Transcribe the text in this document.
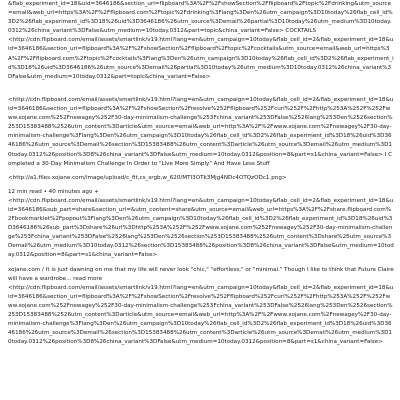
&flab_experiment_id=18&uid=3646186&section_url=flipboard%3A%2F%2FshowSection%2Fflipboard%2Ftopic%2Fdrinking&utm_source=email&web_url=https%3A%2F%2Fflipboard.com%2Ftopic%2Fdrinking%3Flang%3Den%26utm_campaign%3D10today%26flab_cell_id%3D2%26flab_experiment_id%3D18%26uid%3D3646186%26utm_source%3Demail%26partial%3D10today%26utm_medium%3D10today.0312%26china_variant%3DFalse&utm_medium=10today.0312&part=topic&china_variant=False> COCKTAILS

<http://cdn.flipboard.com/email/assets/smartlink/v19.html?lang=en&utm_campaign=10today&flab_cell_id=2&flab_experiment_id=18&uid=3646186&section_url=flipboard%3A%2F%2FshowSection%2Fflipboard%2Ftopic%2Fcocktails&utm_source=email&web_url=https%3A%2F%2Fflipboard.com%2Ftopic%2Fcocktails%3Flang%3Den%26utm_campaign%3D10today%26flab_cell_id%3D2%26flab_experiment_id%3D18%26uid%3D3646186%26utm_source%3Demail%26partial%3D10today%26utm_medium%3D10today.0312%26china_variant%3DFalse&utm_medium=10today.0312&part=topic&china_variant=False>

<http://cdn.flipboard.com/email/assets/smartlink/v19.html?lang=en&utm_campaign=10today&flab_cell_id=2&flab_experiment_id=18&uid=3646186&section_url=flipboard%3A%2F%2FshowSection%2Fresolve%252Fflipboard%252Fcurl%252F%2Fhttp%253A%252F%252Fwww.xojane.com%252Fnewagey%252F30-day-minimalism-challenge%253Fchina_variant%253DFalse%2526lang%253Den%2526section%253D15383488%2526utm_content%3Darticle&utm_source=email&web_url=http%3A%2F%2Fwww.xojane.com%2Fnewagey%2F30-day-minimalism-challenge%3Flang%3Den%26utm_campaign%3D10today%26flab_cell_id%3D2%26flab_experiment_id%3D18%26uid%3D3646186%26utm_source%3Demail%26section%3D15383488%26utm_content%3Darticle%26utm_source%3Demail%26utm_medium%3D10today.0312%26position%3D8%26china_variant%3DFalse&utm_medium=10today.0312&position=8&part=s1&china_variant=False> I Completed a 30-Day Minimalism Challenge In Order to "Live More Simply" And Have Less Stuff

<http://a1.files.xojane.com/image/upload/c_fit,cs_srgb,w_620/MTI3OTk3Mjg4NDc4OTQzODc1.png>

12 min read • 40 minutes ago +

<http://cdn.flipboard.com/email/assets/smartlink/v19.html?lang=en&utm_campaign=10today&flab_cell_id=2&flab_experiment_id=18&uid=3646186&sub_part=share&section_url=&utm_content=share&utm_source=email&web_url=https%3A%2F%2Fshare.flipboard.com%2Fbookmarklet%2Fpopout%3Flang%3Den%26utm_campaign%3D10today%26flab_cell_id%3D2%26flab_experiment_id%3D18%26uid%3D3646186%26sub_part%3Dshare%26url%3Dhttp%253A%252F%252Fwww.xojane.com%252Fnewagey%252F30-day-minimalism-challenge%253Fchina_variant%253DFalse%2526lang%253Den%2526section%253D15383488%2526utm_content%3Dshare%26utm_source%3Demail%26utm_medium%3D10today.0312%26section%3D15383488%26position%3D8%26china_variant%3DFalse&utm_medium=10today.0312&position=8&part=s1&china_variant=False>

xojane.com / It is just dawning on me that my life will never look "chic," "effortless," or "minimal." Though I like to think that Future Claire will have a wardrobe... read more

<http://cdn.flipboard.com/email/assets/smartlink/v19.html?lang=en&utm_campaign=10today&flab_cell_id=2&flab_experiment_id=18&uid=3646186&section_url=flipboard%3A%2F%2FshowSection%2Fresolve%252Fflipboard%252Fcurl%252F%2Fhttp%253A%252F%252Fwww.xojane.com%252Fnewagey%252F30-day-minimalism-challenge%253Fchina_variant%253DFalse%2526lang%253Den%2526section%253D15383488%2526utm_content%3Darticle&utm_source=email&web_url=http%3A%2F%2Fwww.xojane.com%2Fnewagey%2F30-day-minimalism-challenge%3Flang%3Den%26utm_campaign%3D10today%26flab_cell_id%3D2%26flab_experiment_id%3D18%26uid%3D3646186%26utm_source%3Demail%26section%3D15383488%26utm_content%3Darticle%26utm_source%3Demail%26utm_medium%3D10today.0312%26position%3D8%26china_variant%3DFalse&utm_medium=10today.0312&position=8&part=s1&china_variant=False>
